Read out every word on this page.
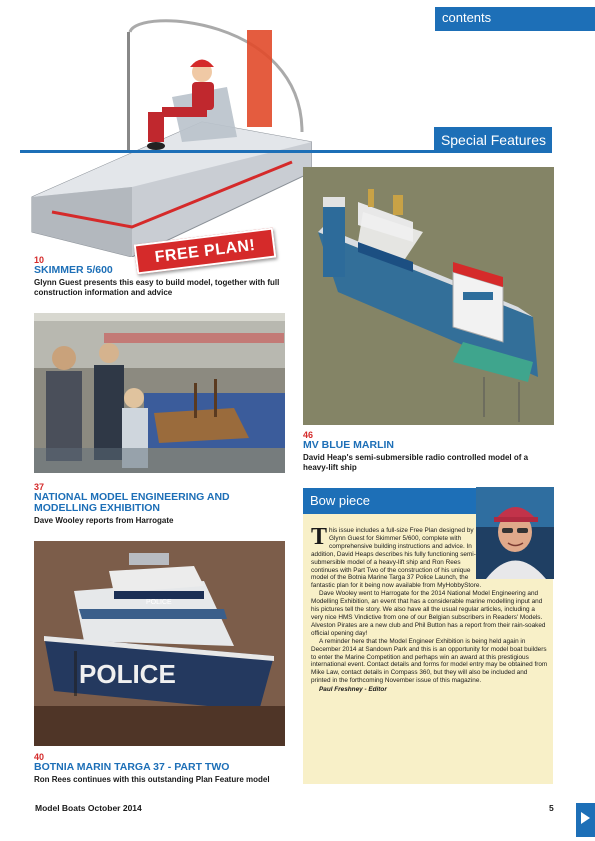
contents
Special Features
FREE PLAN!
10
SKIMMER 5/600
Glynn Guest presents this easy to build model, together with full construction information and advice
46
MV BLUE MARLIN
David Heap's semi-submersible radio controlled model of a heavy-lift ship
37
NATIONAL MODEL ENGINEERING AND MODELLING EXHIBITION
Dave Wooley reports from Harrogate
POLICE
POLICE
40
BOTNIA MARIN TARGA 37 - PART TWO
Ron Rees continues with this outstanding Plan Feature model
Bow piece
T his issue includes a full-size Free Plan designed by Glynn Guest for Skimmer 5/600, complete with comprehensive building instructions and advice. In addition, David Heaps describes his fully functioning semi-submersible model of a heavy-lift ship and Ron Rees continues with Part Two of the construction of his unique model of the Botnia Marine Targa 37 Police Launch, the fantastic plan for it being now available from MyHobbyStore.

Dave Wooley went to Harrogate for the 2014 National Model Engineering and Modelling Exhibition, an event that has a considerable marine modelling input and his pictures tell the story. We also have all the usual regular articles, including a very nice HMS Vindictive from one of our Belgian subscribers in Readers' Models. Alveston Pirates are a new club and Phil Button has a report from their rain-soaked official opening day!

A reminder here that the Model Engineer Exhibition is being held again in December 2014 at Sandown Park and this is an opportunity for model boat builders to enter the Marine Competition and perhaps win an award at this prestigious international event. Contact details and forms for model entry may be obtained from Mike Law, contact details in Compass 360, but they will also be included and printed in the forthcoming November issue of this magazine.

Paul Freshney - Editor
Model Boats October 2014	5
